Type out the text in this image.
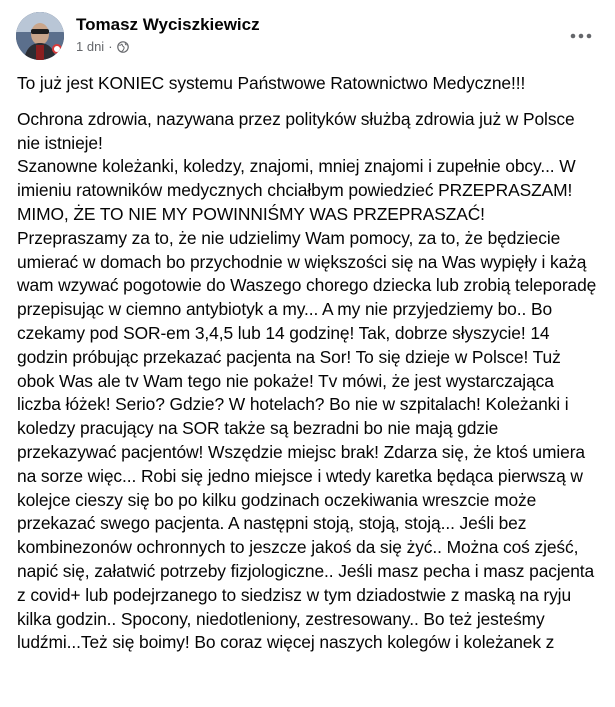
Tomasz Wyciszkiewicz
1 dni ·

To już jest KONIEC systemu Państwowe Ratownictwo Medyczne!!!

Ochrona zdrowia, nazywana przez polityków służbą zdrowia już w Polsce nie istnieje!
Szanowne koleżanki, koledzy, znajomi, mniej znajomi i zupełnie obcy... W imieniu ratowników medycznych chciałbym powiedzieć PRZEPRASZAM! MIMO, ŻE TO NIE MY POWINNIŚMY WAS PRZEPRASZAĆ!
Przepraszamy za to, że nie udzielimy Wam pomocy, za to, że będziecie umierać w domach bo przychodnie w większości się na Was wypięły i każą wam wzywać pogotowie do Waszego chorego dziecka lub zrobią teleporadę przepisując w ciemno antybiotyk a my... A my nie przyjedziemy bo.. Bo czekamy pod SOR-em 3,4,5 lub 14 godzinę! Tak, dobrze słyszycie! 14 godzin próbując przekazać pacjenta na Sor! To się dzieje w Polsce! Tuż obok Was ale tv Wam tego nie pokaże! Tv mówi, że jest wystarczająca liczba łóżek! Serio? Gdzie? W hotelach? Bo nie w szpitalach! Koleżanki i koledzy pracujący na SOR także są bezradni bo nie mają gdzie przekazywać pacjentów! Wszędzie miejsc brak! Zdarza się, że ktoś umiera na sorze więc... Robi się jedno miejsce i wtedy karetka będąca pierwszą w kolejce cieszy się bo po kilku godzinach oczekiwania wreszcie może przekazać swego pacjenta. A następni stoją, stoją, stoją... Jeśli bez kombinezonów ochronnych to jeszcze jakoś da się żyć.. Można coś zjeść, napić się, załatwić potrzeby fizjologiczne.. Jeśli masz pecha i masz pacjenta z covid+ lub podejrzanego to siedzisz w tym dziadostwie z maską na ryju kilka godzin.. Spocony, niedotleniony, zestresowany.. Bo też jesteśmy ludźmi...Też się boimy! Bo coraz więcej naszych kolegów i koleżanek z
